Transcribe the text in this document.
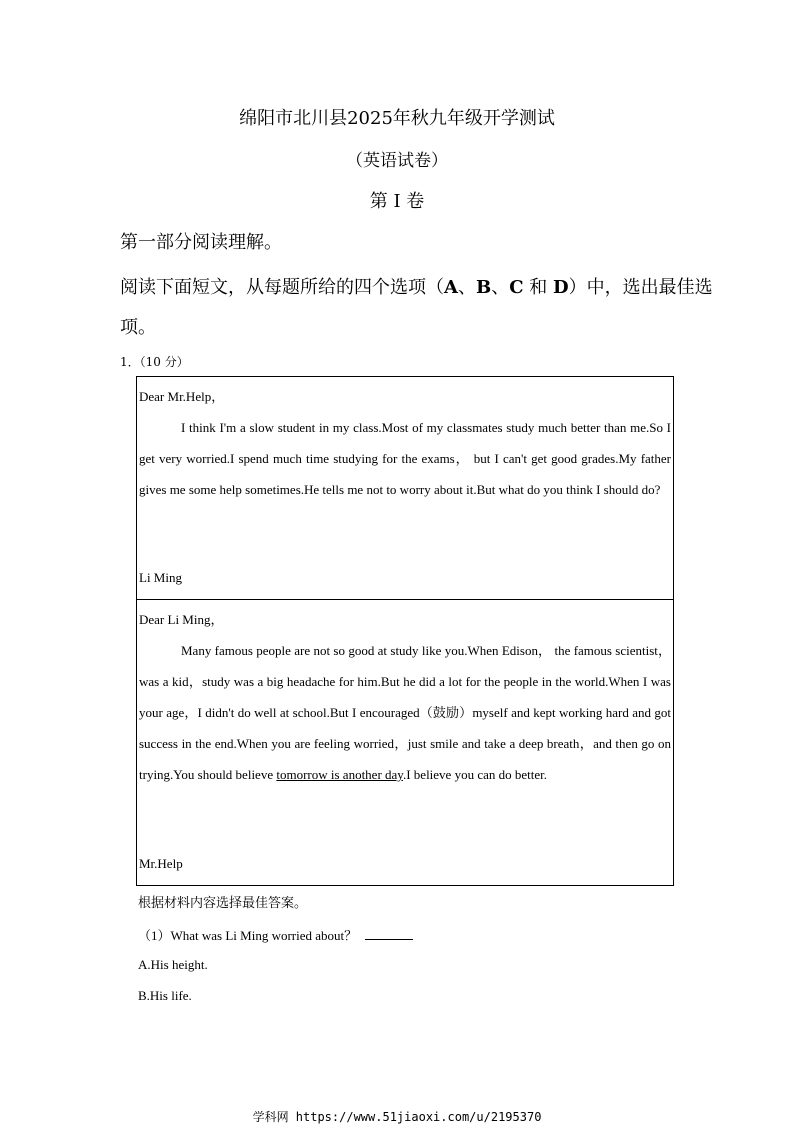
绵阳市北川县2025年秋九年级开学测试
（英语试卷）
第 I 卷
第一部分阅读理解。
阅读下面短文，从每题所给的四个选项（A、B、C 和 D）中，选出最佳选项。
1．（10 分）
Dear Mr.Help，
I think I'm a slow student in my class.Most of my classmates study much better than me.So I get very worried.I spend much time studying for the exams， but I can't get good grades.My father gives me some help sometimes.He tells me not to worry about it.But what do you think I should do?
Li Ming
Dear Li Ming，
Many famous people are not so good at study like you.When Edison， the famous scientist，was a kid，study was a big headache for him.But he did a lot for the people in the world.When I was your age，I didn't do well at school.But I encouraged（鼓励）myself and kept working hard and got success in the end.When you are feeling worried，just smile and take a deep breath，and then go on trying.You should believe tomorrow is another day.I believe you can do better.
Mr.Help
根据材料内容选择最佳答案。
（1）What was Li Ming worried about？
A.His height.
B.His life.
学科网 https://www.51jiaoxi.com/u/2195370
